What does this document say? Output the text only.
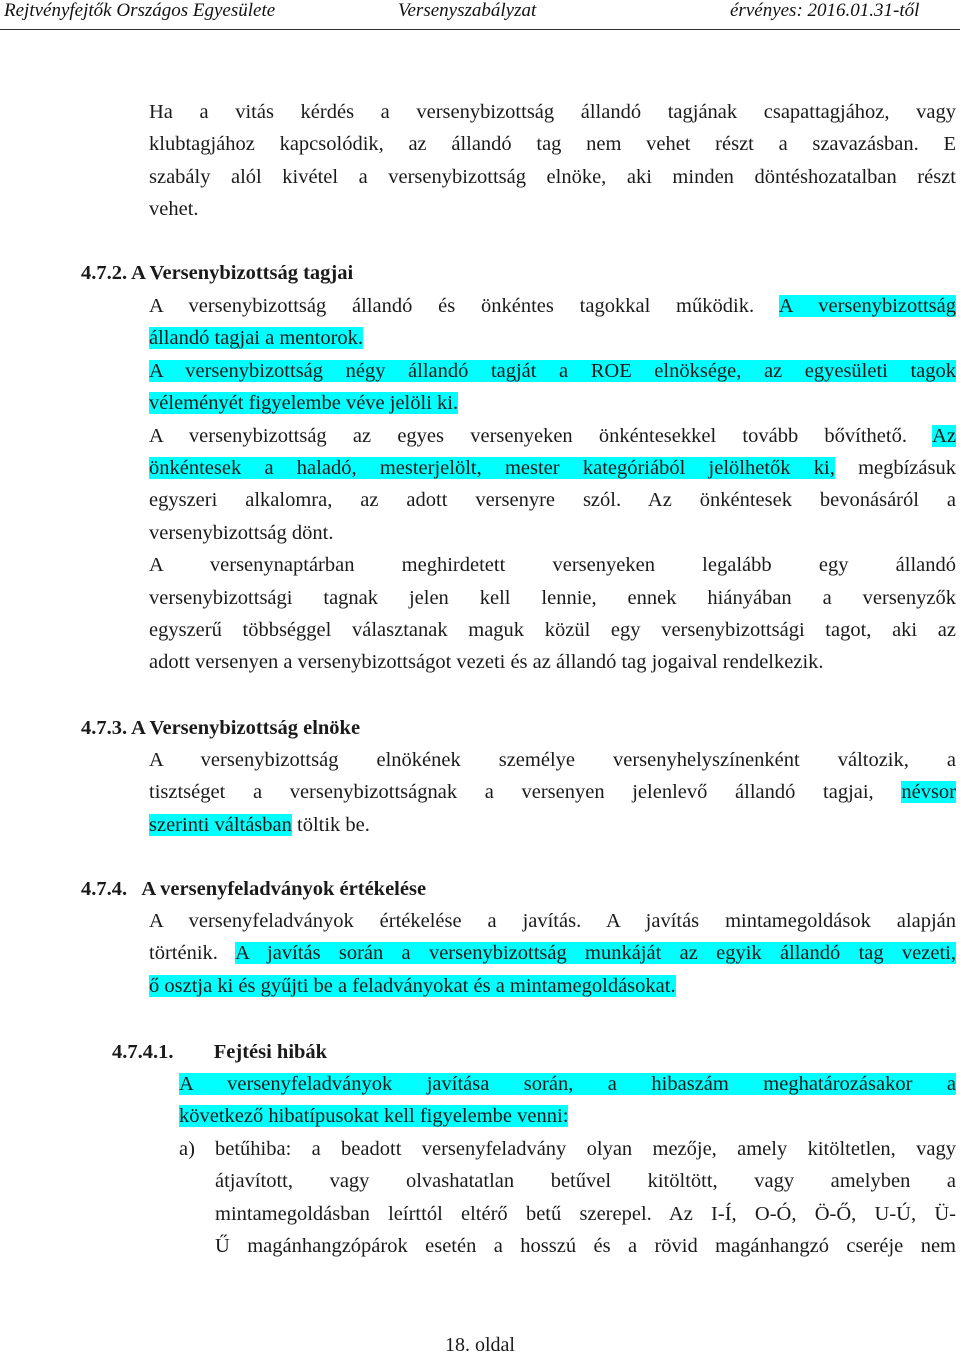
Rejtvényfejtők Országos Egyesülete	Versenyszabályzat	érvényes: 2016.01.31-től
Ha a vitás kérdés a versenybizottság állandó tagjának csapattagjához, vagy
klubtagjához kapcsolódik, az állandó tag nem vehet részt a szavazásban. E
szabály alól kivétel a versenybizottság elnöke, aki minden döntéshozatalban részt
vehet.
4.7.2. A Versenybizottság tagjai
A versenybizottság állandó és önkéntes tagokkal működik. A versenybizottság
állandó tagjai a mentorok.
A versenybizottság négy állandó tagját a ROE elnöksége, az egyesületi tagok
véleményét figyelembe véve jelöli ki.
A versenybizottság az egyes versenyeken önkéntesekkel tovább bővíthető. Az
önkéntesek a haladó, mesterjelölt, mester kategóriából jelölhetők ki, megbízásuk
egyszeri alkalomra, az adott versenyre szól. Az önkéntesek bevonásáról a
versenybizottság dönt.
A versenynaptárban meghirdetett versenyeken legalább egy állandó
versenybizottsági tagnak jelen kell lennie, ennek hiányában a versenyzők
egyszerű többséggel választanak maguk közül egy versenybizottsági tagot, aki az
adott versenyen a versenybizottságot vezeti és az állandó tag jogaival rendelkezik.
4.7.3. A Versenybizottság elnöke
A versenybizottság elnökének személye versenyhelyszínenként változik, a
tisztséget a versenybizottságnak a versenyen jelenlevő állandó tagjai, névsor
szerinti váltásban töltik be.
4.7.4. A versenyfeladványok értékelése
A versenyfeladványok értékelése a javítás. A javítás mintamegoldások alapján
történik. A javítás során a versenybizottság munkáját az egyik állandó tag vezeti,
ő osztja ki és gyűjti be a feladványokat és a mintamegoldásokat.
4.7.4.1. Fejtési hibák
A versenyfeladványok javítása során, a hibaszám meghatározásakor a
következő hibatípusokat kell figyelembe venni:
a) betűhiba: a beadott versenyfeladvány olyan mezője, amely kitöltetlen, vagy
átjavított, vagy olvashatatlan betűvel kitöltött, vagy amelyben a
mintamegoldásban leírttól eltérő betű szerepel. Az I-Í, O-Ó, Ö-Ő, U-Ú, Ü-
Ű magánhangzópárok esetén a hosszú és a rövid magánhangzó cseréje nem
18. oldal
